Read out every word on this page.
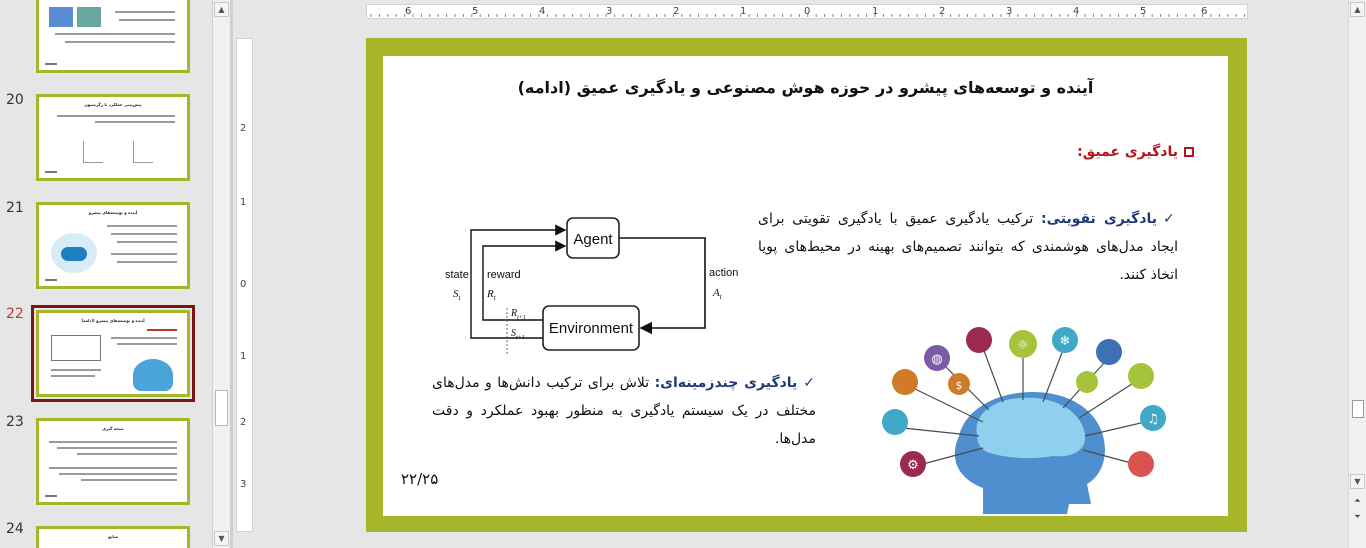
20	پیش‌بینی عملکرد با رگرسیون
21	آینده و توسعه‌های پیشرو
22	آینده و توسعه‌های پیشرو (ادامه)
23	نتیجه گیری
24	منابع
▲
▼
6	5	4	3	2	1	0	1	2	3	4	5	6
2
1
0
1
2
3
آینده و توسعه‌های پیشرو در حوزه هوش مصنوعی و یادگیری عمیق (ادامه)
یادگیری عمیق:
✓یادگیری تقویتی: ترکیب یادگیری عمیق با یادگیری تقویتی برای ایجاد مدل‌های هوشمندی که بتوانند تصمیم‌های بهینه در محیط‌های پویا اتخاذ کنند.
✓یادگیری چندزمینه‌ای: تلاش برای ترکیب دانش‌ها و مدل‌های مختلف در یک سیستم یادگیری به منظور بهبود عملکرد و دقت مدل‌ها.
Agent
Environment
state
$S_t$
reward
$R_t$
$R_{t+1}$
$S_{t+1}$
action
$A_t$
☼ ❄
◍
♫
⚙
$
۲۲/۲۵
▲
▼
⏶
⏷
